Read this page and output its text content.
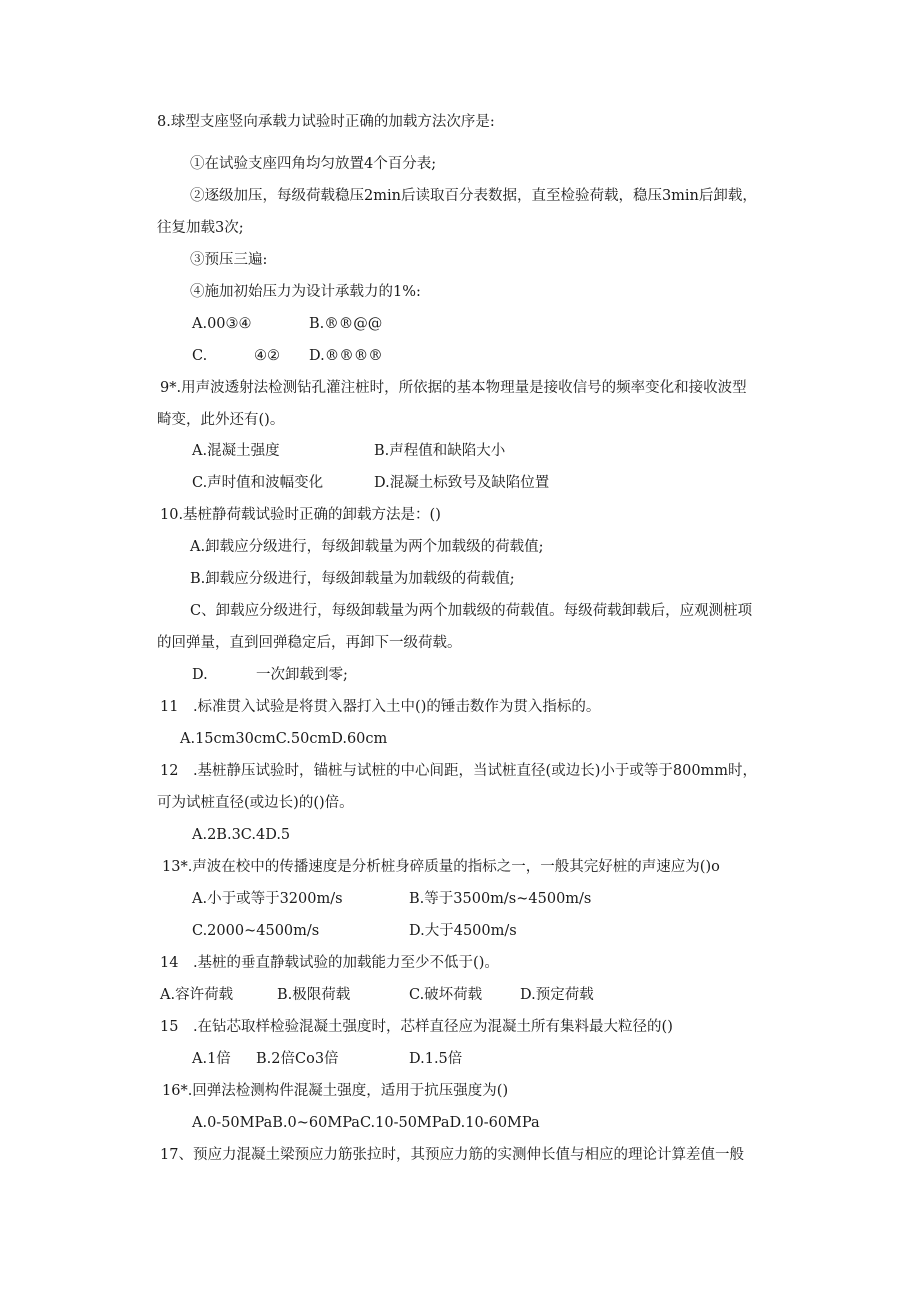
8.球型支座竖向承载力试验时正确的加载方法次序是:
①在试验支座四角均匀放置4个百分表;
②逐级加压，每级荷载稳压2min后读取百分表数据，直至检验荷载，稳压3min后卸载，
往复加载3次;
③预压三遍:
④施加初始压力为设计承载力的1%:
A.00③④	B.®®@@
C.	④② D.®®®®
9*.用声波透射法检测钻孔灌注桩时，所依据的基本物理量是接收信号的频率变化和接收波型
畸变，此外还有()。
A.混凝土强度	B.声程值和缺陷大小
C.声时值和波幅变化	D.混凝土标致号及缺陷位置
10.基桩静荷载试验时正确的卸载方法是：()
A.卸载应分级进行，每级卸载量为两个加载级的荷载值;
B.卸载应分级进行，每级卸载量为加载级的荷载值;
C、卸载应分级进行，每级卸载量为两个加载级的荷载值。每级荷载卸载后，应观测桩项
的回弹量，直到回弹稳定后，再卸下一级荷载。
D.	一次卸载到零;
11　.标准贯入试验是将贯入器打入土中()的锤击数作为贯入指标的。
A.15cm30cmC.50cmD.60cm
12　.基桩静压试验时，锚桩与试桩的中心间距，当试桩直径(或边长)小于或等于800mm时，
可为试桩直径(或边长)的()倍。
A.2B.3C.4D.5
13*.声波在校中的传播速度是分析桩身碎质量的指标之一，一般其完好桩的声速应为()o
A.小于或等于3200m/s	B.等于3500m/s~4500m/s
C.2000~4500m/s	D.大于4500m/s
14　.基桩的垂直静载试验的加载能力至少不低于()。
A.容许荷载	B.极限荷载	C.破坏荷载	D.预定荷载
15　.在钻芯取样检验混凝土强度时，芯样直径应为混凝土所有集料最大粒径的()
A.1倍 B.2倍Co3倍	D.1.5倍
16*.回弹法检测构件混凝土强度，适用于抗压强度为()
A.0-50MPaB.0~60MPaC.10-50MPaD.10-60MPa
17、预应力混凝土梁预应力筋张拉时，其预应力筋的实测伸长值与相应的理论计算差值一般
